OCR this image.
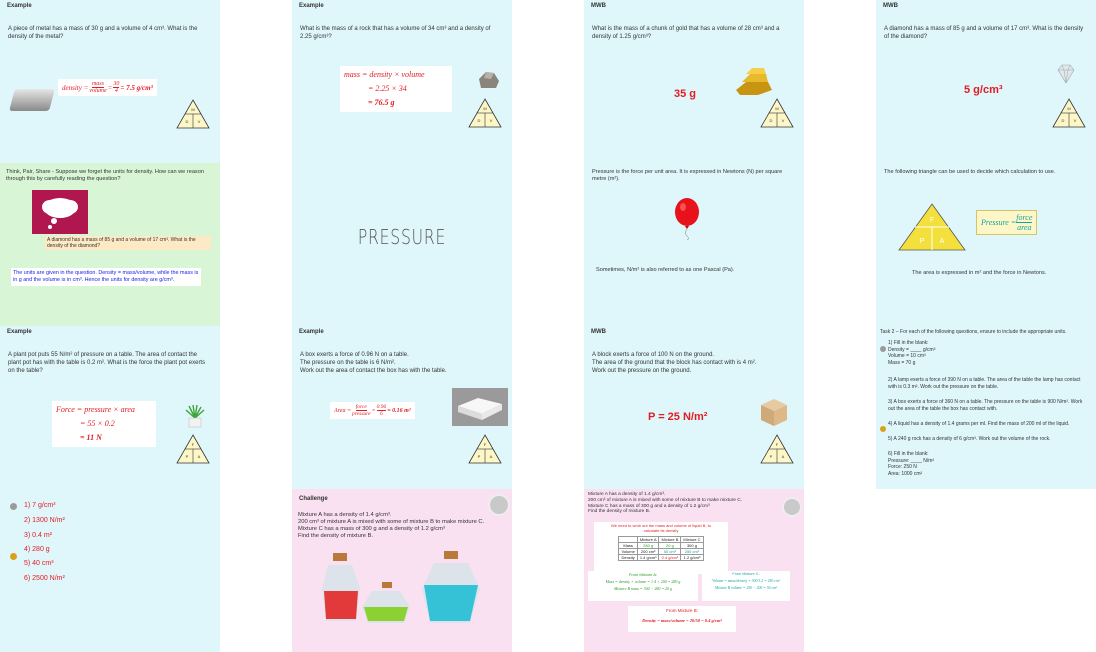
Example
A piece of metal has a mass of 30 g and a volume of 4 cm³. What is the density of the metal?
density = mass
volume = $\frac{30}{4} = 7.5$ g/cm³
M
D V
Example
What is the mass of a rock that has a volume of 34 cm³ and a density of 2.25 g/cm³?
mass = density × volume
= 2.25 × 34
= 76.5 g
M
D V
MWB
What is the mass of a chunk of gold that has a volume of 28 cm³ and a density of 1.25 g/cm³?
35 g
M
D V
MWB
A diamond has a mass of 85 g and a volume of 17 cm³. What is the density of the diamond?
5 g/cm³
M
D V
Think, Pair, Share - Suppose we forget the units for density. How can we reason through this by carefully reading the question?
A diamond has a mass of 85 g and a volume of 17 cm³. What is the density of the diamond?
The units are given in the question. Density = mass/volume, while the mass is in g and the volume is in cm³. Hence the units for density are g/cm³.
PRESSURE
Pressure is the force per unit area. It is expressed in Newtons (N) per square metre (m²).
Sometimes, N/m² is also referred to as one Pascal (Pa).
The following triangle can be used to decide which calculation to use.
F
P A
Pressure =
force
area
The area is expressed in m² and the force in Newtons.
Example
A plant pot puts 55 N/m² of pressure on a table. The area of contact the plant pot has with the table is 0.2 m². What is the force the plant pot exerts on the table?
Force = pressure × area
= 55 × 0.2
= 11 N
F
P A
Example
A box exerts a force of 0.96 N on a table.
The pressure on the table is 6 N/m².
Work out the area of contact the box has with the table.
Area =
force
pressure
= $\frac{0.96}{6} = 0.16$ m²
F
P A
MWB
A block exerts a force of 100 N on the ground.
The area of the ground that the block has contact with is 4 m².
Work out the pressure on the ground.
P = 25 N/m²
F
P A
Task 2 – For each of the following questions, ensure to include the appropriate units.
1) Fill in the blank:
Density = ____ g/cm³
Volume = 10 cm³
Mass = 70 g
2) A lamp exerts a force of 390 N on a table. The area of the table the lamp has contact
with is 0.3 m². Work out the pressure on the table.
3) A box exerts a force of 360 N on a table. The pressure on the table is 900 N/m². Work
out the area of the table the box has contact with.
4) A liquid has a density of 1.4 grams per ml. Find the mass of 200 ml of the liquid.
5) A 240 g rock has a density of 6 g/cm³. Work out the volume of the rock.
6) Fill in the blank:
Pressure: ____ N/m²
Force: 250 N
Area: 1000 cm²
1) 7 g/cm³
2) 1300 N/m²
3) 0.4 m²
4) 280 g
5) 40 cm³
6) 2500 N/m²
Challenge
Mixture A has a density of 1.4 g/cm³.
200 cm³ of mixture A is mixed with some of mixture B to make mixture C.
Mixture C has a mass of 300 g and a density of 1.2 g/cm³
Find the density of mixture B.
Mixture A has a density of 1.4 g/cm³.
200 cm³ of mixture A is mixed with some of mixture B to make mixture C.
Mixture C has a mass of 300 g and a density of 1.2 g/cm³
Find the density of mixture B.
We need to work out the mass and volume of liquid B, to calculate its density
	Mixture A	Mixture B	Mixture C
Mass	280 g	20 g	300 g
Volume	200 cm³	50 cm³	250 cm³
Density	1.4 g/cm³	0.4 g/cm³	1.2 g/cm³
From Mixture A:
Mass = density × volume = 1.4 × 200 = 280 g
Mixture B mass = 300 − 280 = 20 g
From Mixture C:
Volume = mass/density = 300/1.2 = 250 cm³
Mixture B volume = 250 − 200 = 50 cm³
From Mixture B:
Density = mass/volume = 20/50 = 0.4 g/cm³
